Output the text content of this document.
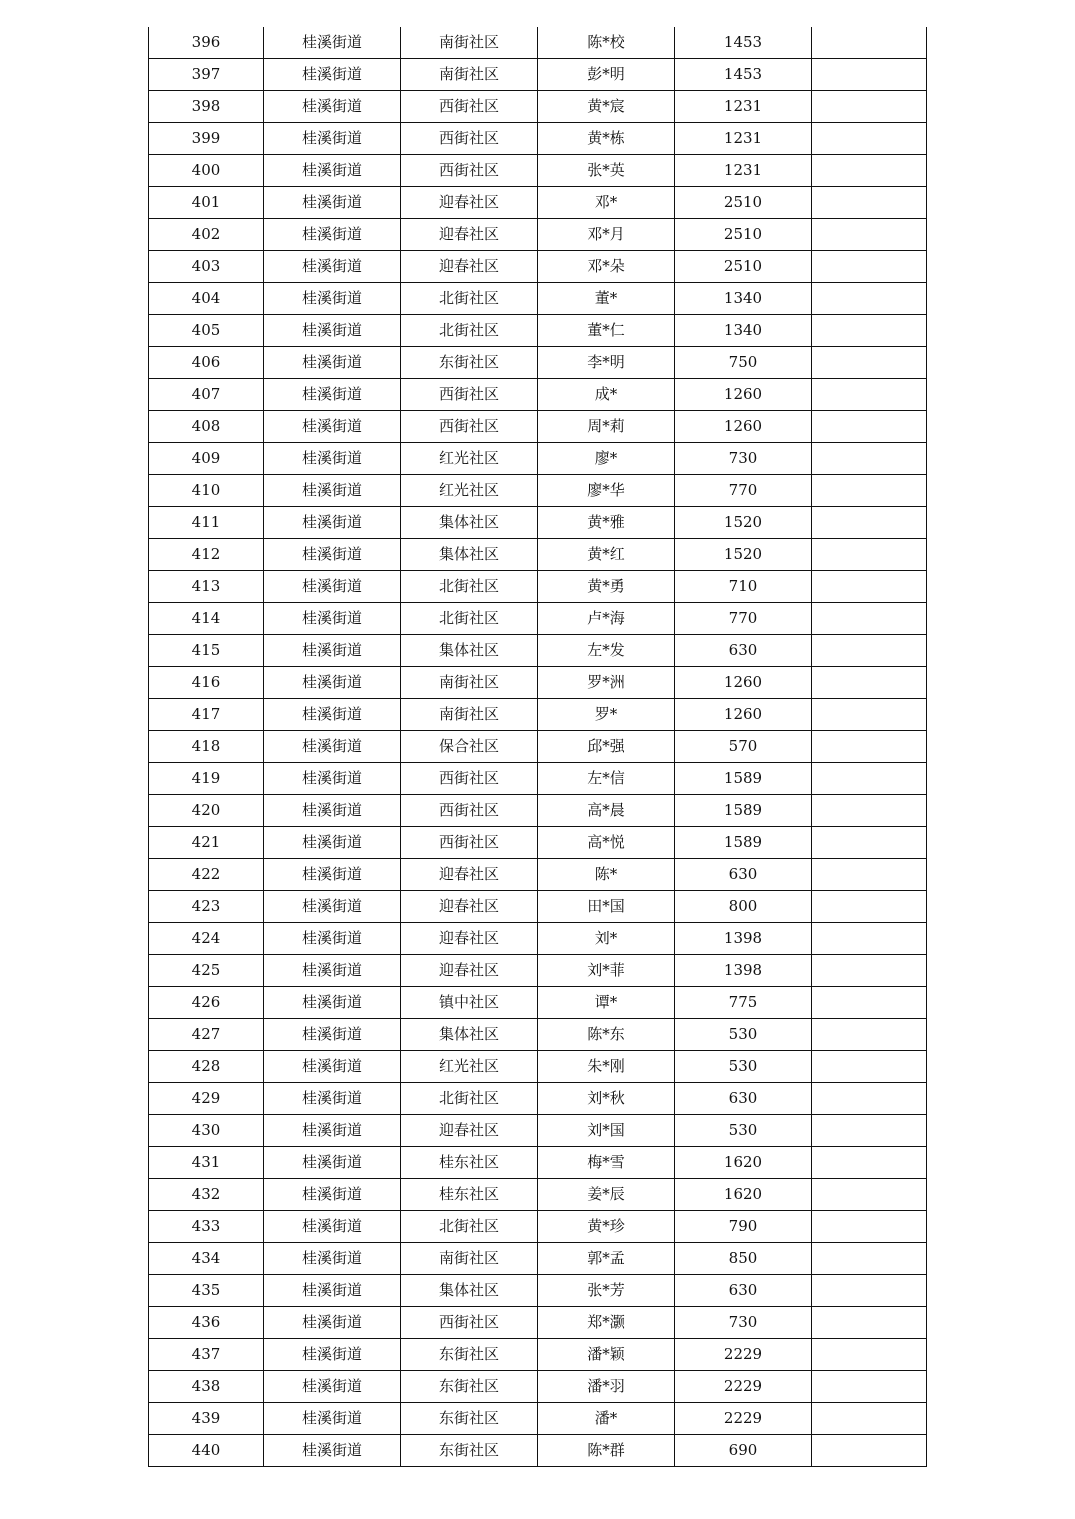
396	桂溪街道	南街社区	陈*校	1453	
397	桂溪街道	南街社区	彭*明	1453	
398	桂溪街道	西街社区	黄*宸	1231	
399	桂溪街道	西街社区	黄*栋	1231	
400	桂溪街道	西街社区	张*英	1231	
401	桂溪街道	迎春社区	邓*	2510	
402	桂溪街道	迎春社区	邓*月	2510	
403	桂溪街道	迎春社区	邓*朵	2510	
404	桂溪街道	北街社区	董*	1340	
405	桂溪街道	北街社区	董*仁	1340	
406	桂溪街道	东街社区	李*明	750	
407	桂溪街道	西街社区	成*	1260	
408	桂溪街道	西街社区	周*莉	1260	
409	桂溪街道	红光社区	廖*	730	
410	桂溪街道	红光社区	廖*华	770	
411	桂溪街道	集体社区	黄*雅	1520	
412	桂溪街道	集体社区	黄*红	1520	
413	桂溪街道	北街社区	黄*勇	710	
414	桂溪街道	北街社区	卢*海	770	
415	桂溪街道	集体社区	左*发	630	
416	桂溪街道	南街社区	罗*洲	1260	
417	桂溪街道	南街社区	罗*	1260	
418	桂溪街道	保合社区	邱*强	570	
419	桂溪街道	西街社区	左*信	1589	
420	桂溪街道	西街社区	高*晨	1589	
421	桂溪街道	西街社区	高*悦	1589	
422	桂溪街道	迎春社区	陈*	630	
423	桂溪街道	迎春社区	田*国	800	
424	桂溪街道	迎春社区	刘*	1398	
425	桂溪街道	迎春社区	刘*菲	1398	
426	桂溪街道	镇中社区	谭*	775	
427	桂溪街道	集体社区	陈*东	530	
428	桂溪街道	红光社区	朱*刚	530	
429	桂溪街道	北街社区	刘*秋	630	
430	桂溪街道	迎春社区	刘*国	530	
431	桂溪街道	桂东社区	梅*雪	1620	
432	桂溪街道	桂东社区	姜*辰	1620	
433	桂溪街道	北街社区	黄*珍	790	
434	桂溪街道	南街社区	郭*孟	850	
435	桂溪街道	集体社区	张*芳	630	
436	桂溪街道	西街社区	郑*灏	730	
437	桂溪街道	东街社区	潘*颖	2229	
438	桂溪街道	东街社区	潘*羽	2229	
439	桂溪街道	东街社区	潘*	2229	
440	桂溪街道	东街社区	陈*群	690	
